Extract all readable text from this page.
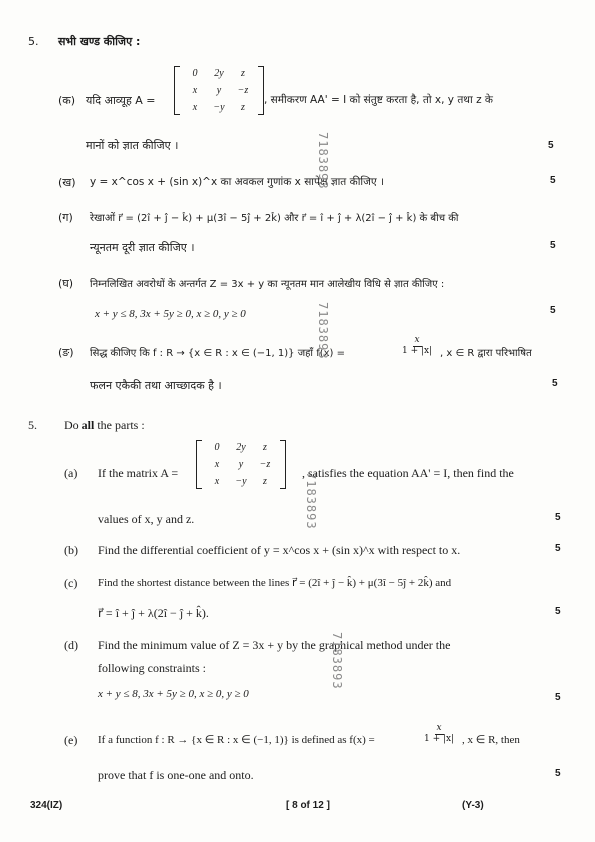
5. सभी खण्ड कीजिए :
(क) यदि आव्यूह A =
0	2y	z
x	y	−z
x	−y	z
, समीकरण AA' = I को संतुष्ट करता है, तो x, y तथा z के
मानों को ज्ञात कीजिए ।	5
(ख) y = x^cos x + (sin x)^x का अवकल गुणांक x सापेक्ष ज्ञात कीजिए ।	5
(ग) रेखाओं r⃗ = (2î + ĵ − k̂) + μ(3î − 5ĵ + 2k̂) और r⃗ = î + ĵ + λ(2î − ĵ + k̂) के बीच की
न्यूनतम दूरी ज्ञात कीजिए ।	5
(घ) निम्नलिखित अवरोधों के अन्तर्गत Z = 3x + y का न्यूनतम मान आलेखीय विधि से ज्ञात कीजिए :
x + y ≤ 8, 3x + 5y ≥ 0, x ≥ 0, y ≥ 0	5
(ङ) सिद्ध कीजिए कि f : R → {x ∈ R : x ∈ (−1, 1)} जहाँ f(x) =	$\frac{x}{1 + |x|}$ , x ∈ R द्वारा परिभाषित
फलन एकैकी तथा आच्छादक है ।	5
5. Do all the parts :
(a) If the matrix A =
0	2y	z
x	y	−z
x	−y	z
, satisfies the equation AA' = I, then find the
values of x, y and z.	5
(b) Find the differential coefficient of y = x^cos x + (sin x)^x with respect to x.	5
(c) Find the shortest distance between the lines r⃗ = (2î + ĵ − k̂) + μ(3î − 5ĵ + 2k̂) and
r⃗ = î + ĵ + λ(2î − ĵ + k̂).	5
(d) Find the minimum value of Z = 3x + y by the graphical method under the
following constraints :
x + y ≤ 8, 3x + 5y ≥ 0, x ≥ 0, y ≥ 0	5
(e) If a function f : R → {x ∈ R : x ∈ (−1, 1)} is defined as f(x) =	$\frac{x}{1 + |x|}$ , x ∈ R, then
prove that f is one-one and onto.	5
7183893
7183893
7183893
7183893
324(IZ)	[ 8 of 12 ]	(Y-3)
